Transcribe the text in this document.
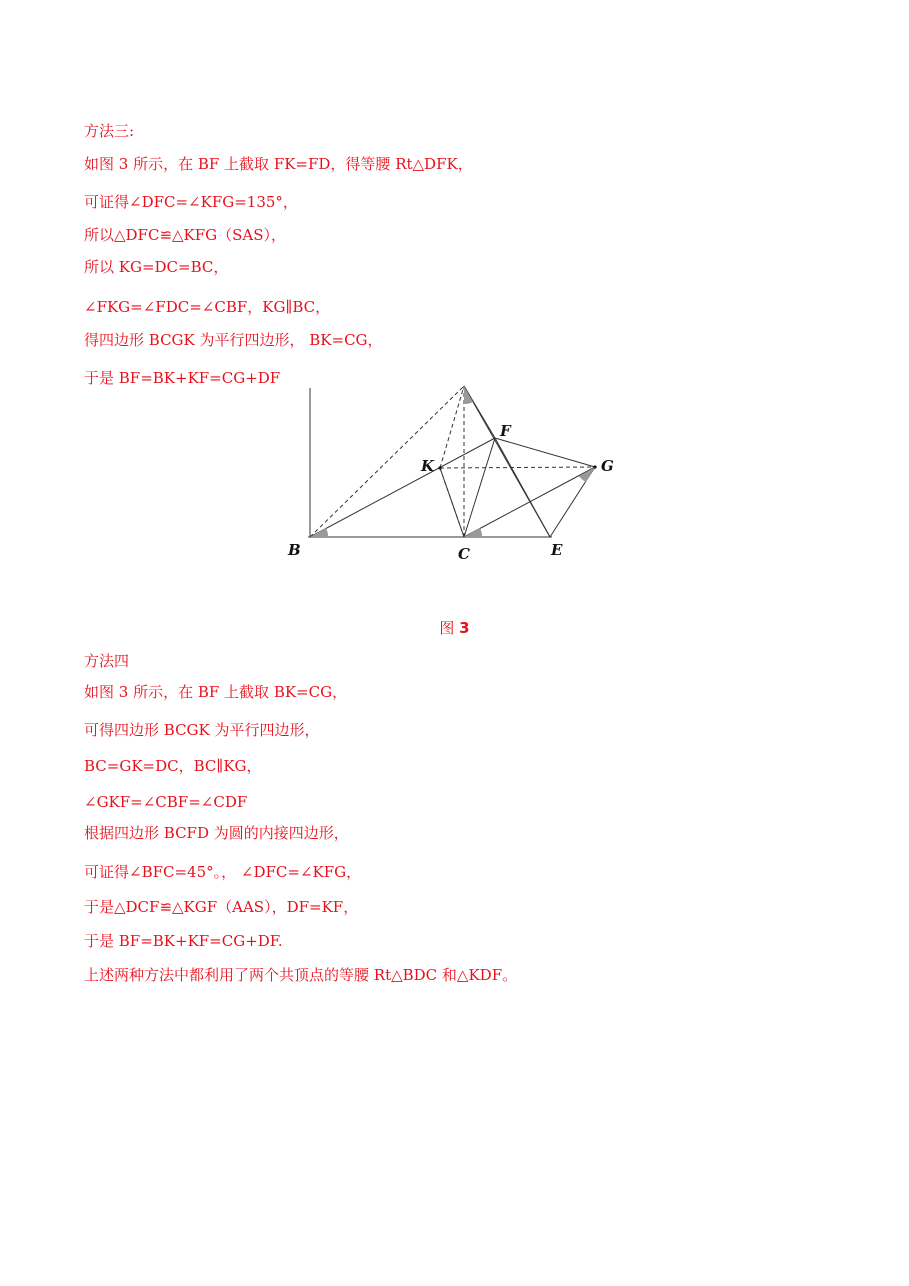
方法三:
如图 3 所示，在 BF 上截取 FK=FD，得等腰 Rt△DFK，
可证得∠DFC=∠KFG=135°，
所以△DFC≌△KFG（SAS），
所以 KG=DC=BC，
∠FKG=∠FDC=∠CBF，KG∥BC，
得四边形 BCGK 为平行四边形， BK=CG，
于是 BF=BK+KF=CG+DF
B	C	E
F
K	G
图 3
方法四
如图 3 所示，在 BF 上截取 BK=CG，
可得四边形 BCGK 为平行四边形，
BC=GK=DC，BC∥KG，
∠GKF=∠CBF=∠CDF
根据四边形 BCFD 为圆的内接四边形，
可证得∠BFC=45°。， ∠DFC=∠KFG，
于是△DCF≌△KGF（AAS），DF=KF，
于是 BF=BK+KF=CG+DF.
上述两种方法中都利用了两个共顶点的等腰 Rt△BDC 和△KDF。
